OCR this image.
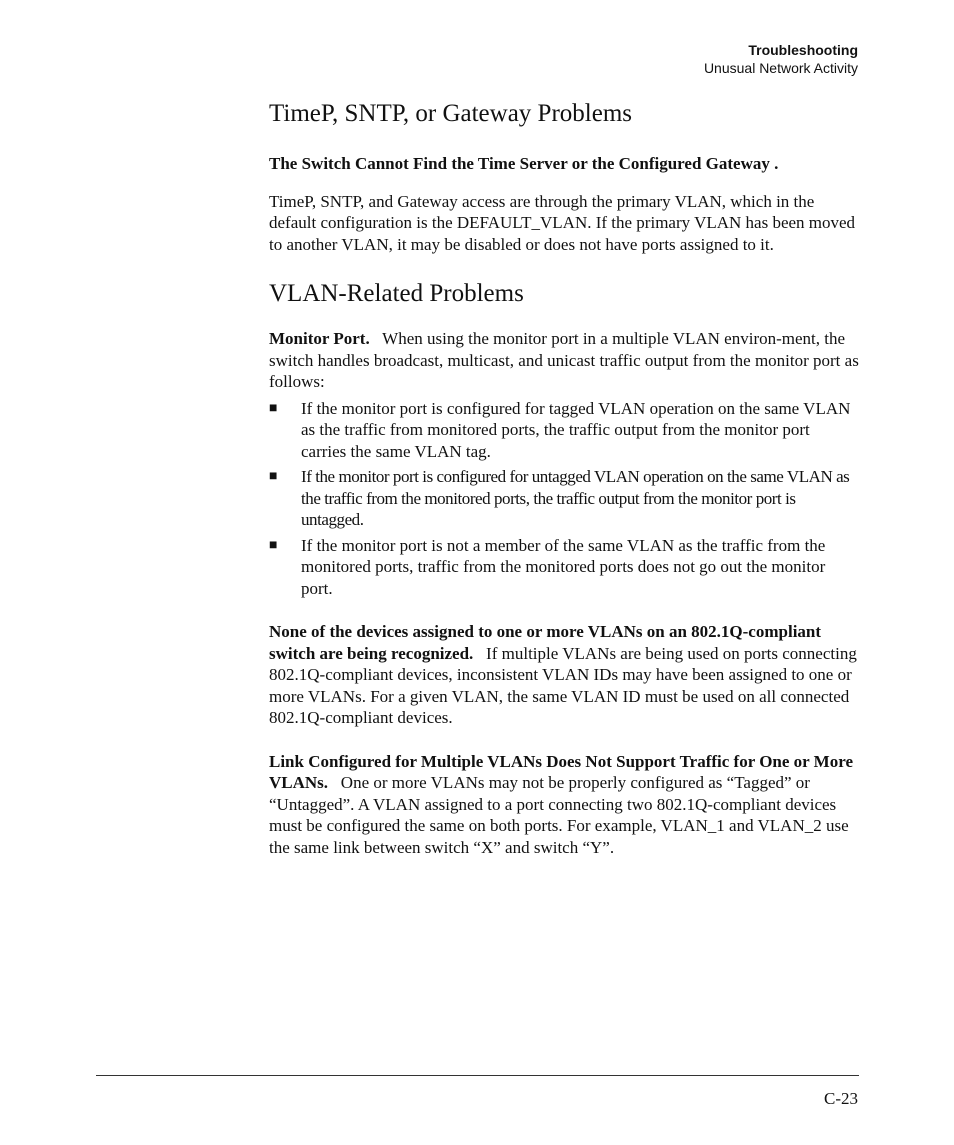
Troubleshooting
Unusual Network Activity
TimeP, SNTP, or Gateway Problems

The Switch Cannot Find the Time Server or the Configured Gateway .

TimeP, SNTP, and Gateway access are through the primary VLAN, which in the default configuration is the DEFAULT_VLAN. If the primary VLAN has been moved to another VLAN, it may be disabled or does not have ports assigned to it.

VLAN-Related Problems

Monitor Port. When using the monitor port in a multiple VLAN environ-ment, the switch handles broadcast, multicast, and unicast traffic output from the monitor port as follows:

■ If the monitor port is configured for tagged VLAN operation on the same VLAN as the traffic from monitored ports, the traffic output from the monitor port carries the same VLAN tag.
■ If the monitor port is configured for untagged VLAN operation on the same VLAN as the traffic from the monitored ports, the traffic output from the monitor port is untagged.
■ If the monitor port is not a member of the same VLAN as the traffic from the monitored ports, traffic from the monitored ports does not go out the monitor port.

None of the devices assigned to one or more VLANs on an 802.1Q-compliant switch are being recognized. If multiple VLANs are being used on ports connecting 802.1Q-compliant devices, inconsistent VLAN IDs may have been assigned to one or more VLANs. For a given VLAN, the same VLAN ID must be used on all connected 802.1Q-compliant devices.

Link Configured for Multiple VLANs Does Not Support Traffic for One or More VLANs. One or more VLANs may not be properly configured as “Tagged” or “Untagged”. A VLAN assigned to a port connecting two 802.1Q-compliant devices must be configured the same on both ports. For example, VLAN_1 and VLAN_2 use the same link between switch “X” and switch “Y”.

C-23
